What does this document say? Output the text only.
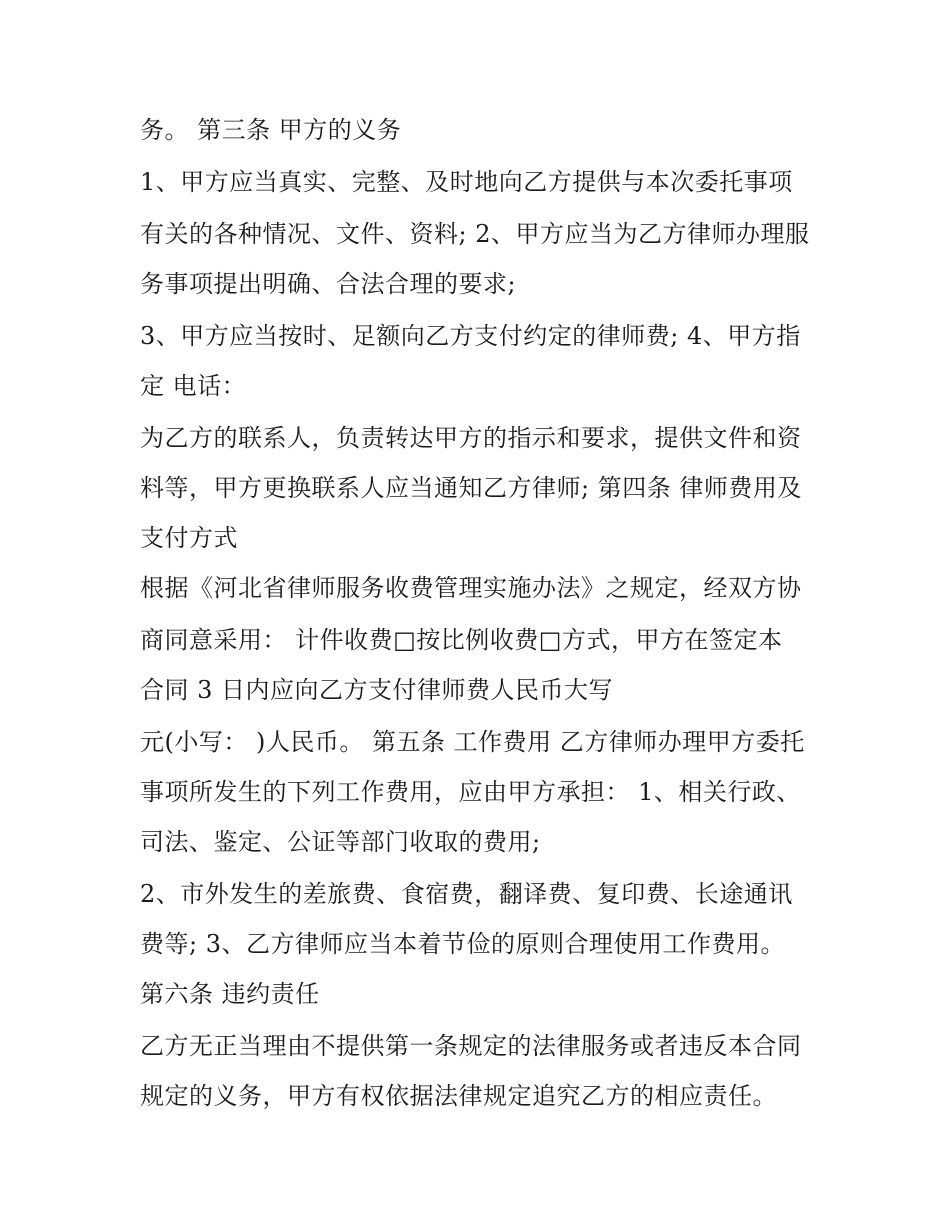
务。 第三条 甲方的义务
1、甲方应当真实、完整、及时地向乙方提供与本次委托事项
有关的各种情况、文件、资料; 2、甲方应当为乙方律师办理服
务事项提出明确、合法合理的要求;
3、甲方应当按时、足额向乙方支付约定的律师费; 4、甲方指
定 电话：
为乙方的联系人，负责转达甲方的指示和要求，提供文件和资
料等，甲方更换联系人应当通知乙方律师; 第四条 律师费用及
支付方式
根据《河北省律师服务收费管理实施办法》之规定，经双方协
商同意采用： 计件收费□按比例收费□方式，甲方在签定本
合同 3 日内应向乙方支付律师费人民币大写
元(小写： )人民币。 第五条 工作费用 乙方律师办理甲方委托
事项所发生的下列工作费用，应由甲方承担： 1、相关行政、
司法、鉴定、公证等部门收取的费用;
2、市外发生的差旅费、食宿费，翻译费、复印费、长途通讯
费等; 3、乙方律师应当本着节俭的原则合理使用工作费用。
第六条 违约责任
乙方无正当理由不提供第一条规定的法律服务或者违反本合同
规定的义务，甲方有权依据法律规定追究乙方的相应责任。
